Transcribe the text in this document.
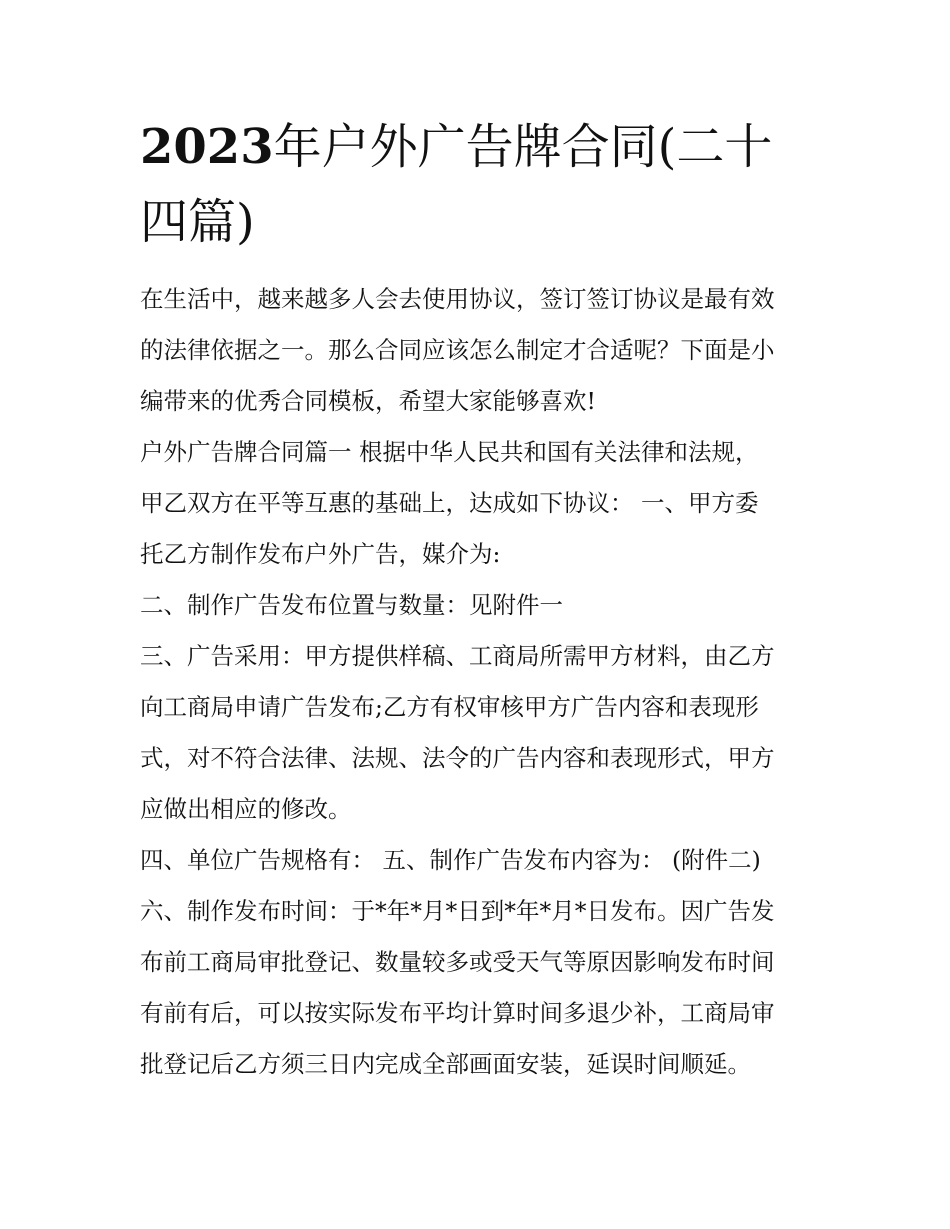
2023年户外广告牌合同(二十
四篇)

在生活中，越来越多人会去使用协议，签订签订协议是最有效

的法律依据之一。那么合同应该怎么制定才合适呢？下面是小

编带来的优秀合同模板，希望大家能够喜欢!

户外广告牌合同篇一 根据中华人民共和国有关法律和法规，

甲乙双方在平等互惠的基础上，达成如下协议： 一、甲方委

托乙方制作发布户外广告，媒介为:

二、制作广告发布位置与数量：见附件一

三、广告采用：甲方提供样稿、工商局所需甲方材料，由乙方

向工商局申请广告发布;乙方有权审核甲方广告内容和表现形

式，对不符合法律、法规、法令的广告内容和表现形式，甲方

应做出相应的修改。

四、单位广告规格有： 五、制作广告发布内容为： (附件二)

六、制作发布时间：于*年*月*日到*年*月*日发布。因广告发

布前工商局审批登记、数量较多或受天气等原因影响发布时间

有前有后，可以按实际发布平均计算时间多退少补，工商局审

批登记后乙方须三日内完成全部画面安装，延误时间顺延。
